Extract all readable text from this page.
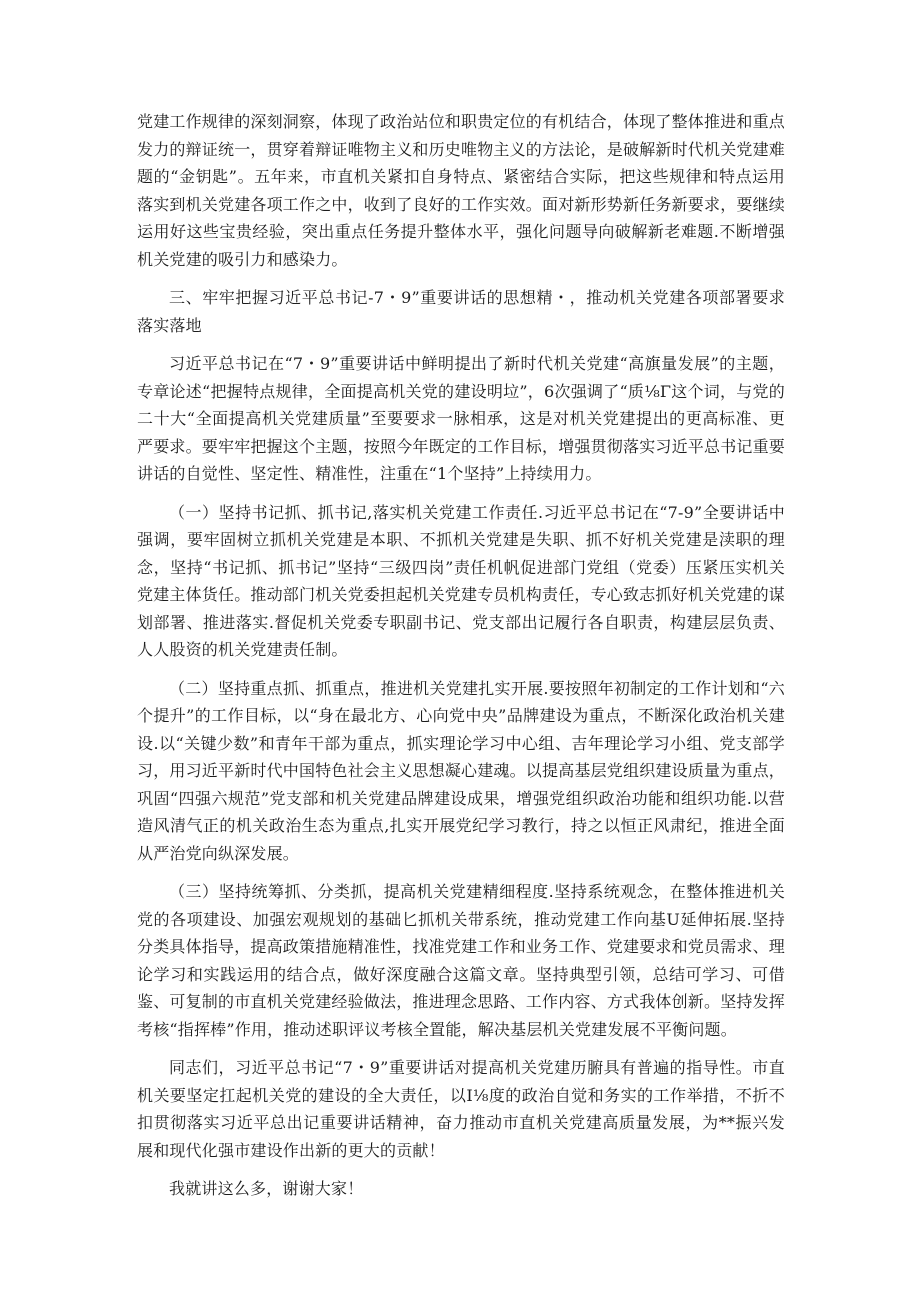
党建工作规律的深刻洞察，体现了政治站位和职贵定位的有机结合，体现了整体推进和重点发力的辩证统一，贯穿着辩证唯物主义和历史唯物主义的方法论，是破解新时代机关党建难题的“金钥匙”。五年来，市直机关紧扣自身特点、紧密结合实际，把这些规律和特点运用落实到机关党建各项工作之中，收到了良好的工作实效。面对新形势新任务新要求，要继续运用好这些宝贵经验，突出重点任务提升整体水平，强化问题导向破解新老难题.不断增强机关党建的吸引力和感染力。

三、牢牢把握习近平总书记-7・9”重要讲话的思想精・，推动机关党建各项部署要求落实落地

习近平总书记在“7・9”重要讲话中鲜明提出了新时代机关党建“高旗量发展”的主题，专章论述“把握特点规律，全面提高机关党的建设明垃”，6次强调了“质⅛Γ这个词，与党的二十大“全面提高机关党建质量”至要要求一脉相承，这是对机关党建提出的更高标准、更严要求。要牢牢把握这个主题，按照今年既定的工作目标，增强贯彻落实习近平总书记重要讲话的自觉性、坚定性、精准性，注重在“1个坚持”上持续用力。

（一）坚持书记抓、抓书记,落实机关党建工作责任.习近平总书记在“7-9”全要讲话中强调，要牢固树立抓机关党建是本职、不抓机关党建是失职、抓不好机关党建是渎职的理念，坚持“书记抓、抓书记”坚持“三级四岗”责任机帆促进部门党组（党委）压紧压实机关党建主体货任。推动部门机关党委担起机关党建专员机构责任，专心致志抓好机关党建的谋划部署、推进落实.督促机关党委专职副书记、党支部出记履行各自职责，构建层层负责、人人股资的机关党建责任制。

（二）坚持重点抓、抓重点，推进机关党建扎实开展.要按照年初制定的工作计划和“六个提升”的工作目标，以“身在最北方、心向党中央”品牌建设为重点，不断深化政治机关建设.以“关键少数”和青年干部为重点，抓实理论学习中心组、吉年理论学习小组、党支部学习，用习近平新时代中国特色社会主义思想凝心建魂。以提高基层党组织建设质量为重点，巩固“四强六规范”党支部和机关党建品牌建设成果，增强党组织政治功能和组织功能.以营造风清气正的机关政治生态为重点,扎实开展党纪学习教行，持之以恒正风肃纪，推进全面从严治党向纵深发展。

（三）坚持统筹抓、分类抓，提高机关党建精细程度.坚持系统观念，在整体推进机关党的各项建设、加强宏观规划的基础匕抓机关带系统，推动党建工作向基U延伸拓展.坚持分类具体指导，提高政策措施精准性，找准党建工作和业务工作、党建要求和党员需求、理论学习和实践运用的结合点，做好深度融合这篇文章。坚持典型引领，总结可学习、可借鉴、可复制的市直机关党建经验做法，推进理念思路、工作内容、方式我体创新。坚持发挥考核“指挥棒”作用，推动述职评议考核全置能，解决基层机关党建发展不平衡问题。

同志们，习近平总书记“7・9”重要讲话对提高机关党建历腑具有普遍的指导性。市直机关要坚定扛起机关党的建设的全大责任，以I⅛度的政治自觉和务实的工作举措，不折不扣贯彻落实习近平总出记重要讲话精神，奋力推动市直机关党建高质量发展，为**振兴发展和现代化强市建设作出新的更大的贡献！

我就讲这么多，谢谢大家！
